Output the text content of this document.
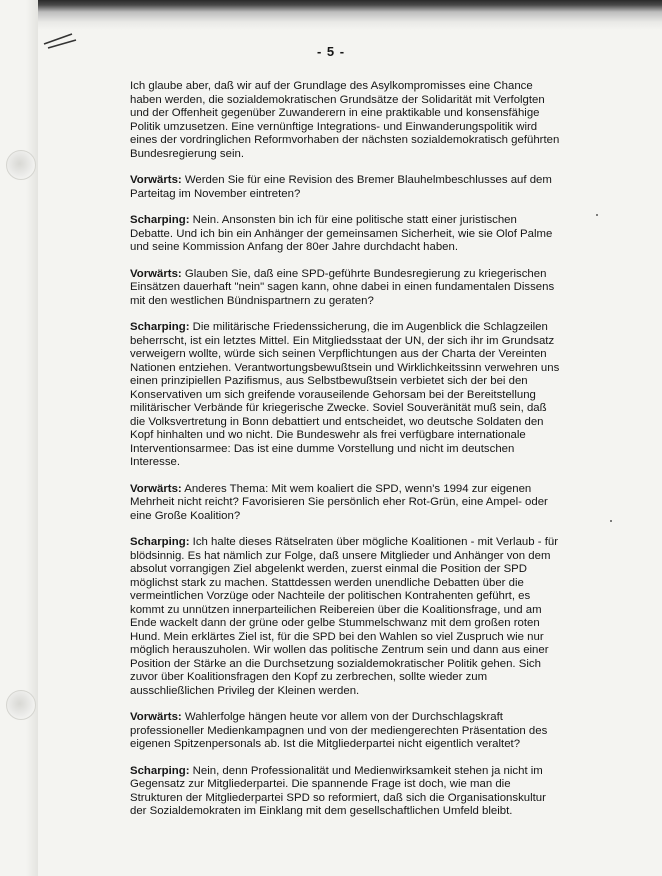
- 5 -

Ich glaube aber, daß wir auf der Grundlage des Asylkompromisses eine Chance haben werden, die sozialdemokratischen Grundsätze der Solidarität mit Verfolgten und der Offenheit gegenüber Zuwanderern in eine praktikable und konsensfähige Politik umzusetzen. Eine vernünftige Integrations- und Einwanderungspolitik wird eines der vordringlichen Reformvorhaben der nächsten sozialdemokratisch geführten Bundesregierung sein.

Vorwärts: Werden Sie für eine Revision des Bremer Blauhelmbeschlusses auf dem Parteitag im November eintreten?

Scharping: Nein. Ansonsten bin ich für eine politische statt einer juristischen Debatte. Und ich bin ein Anhänger der gemeinsamen Sicherheit, wie sie Olof Palme und seine Kommission Anfang der 80er Jahre durchdacht haben.

Vorwärts: Glauben Sie, daß eine SPD-geführte Bundesregierung zu kriegerischen Einsätzen dauerhaft "nein" sagen kann, ohne dabei in einen fundamentalen Dissens mit den westlichen Bündnispartnern zu geraten?

Scharping: Die militärische Friedenssicherung, die im Augenblick die Schlagzeilen beherrscht, ist ein letztes Mittel. Ein Mitgliedsstaat der UN, der sich ihr im Grundsatz verweigern wollte, würde sich seinen Verpflichtungen aus der Charta der Vereinten Nationen entziehen. Verantwortungsbewußtsein und Wirklichkeitssinn verwehren uns einen prinzipiellen Pazifismus, aus Selbstbewußtsein verbietet sich der bei den Konservativen um sich greifende vorauseilende Gehorsam bei der Bereitstellung militärischer Verbände für kriegerische Zwecke. Soviel Souveränität muß sein, daß die Volksvertretung in Bonn debattiert und entscheidet, wo deutsche Soldaten den Kopf hinhalten und wo nicht. Die Bundeswehr als frei verfügbare internationale Interventionsarmee: Das ist eine dumme Vorstellung und nicht im deutschen Interesse.

Vorwärts: Anderes Thema: Mit wem koaliert die SPD, wenn's 1994 zur eigenen Mehrheit nicht reicht? Favorisieren Sie persönlich eher Rot-Grün, eine Ampel- oder eine Große Koalition?

Scharping: Ich halte dieses Rätselraten über mögliche Koalitionen - mit Verlaub - für blödsinnig. Es hat nämlich zur Folge, daß unsere Mitglieder und Anhänger von dem absolut vorrangigen Ziel abgelenkt werden, zuerst einmal die Position der SPD möglichst stark zu machen. Stattdessen werden unendliche Debatten über die vermeintlichen Vorzüge oder Nachteile der politischen Kontrahenten geführt, es kommt zu unnützen innerparteilichen Reibereien über die Koalitionsfrage, und am Ende wackelt dann der grüne oder gelbe Stummelschwanz mit dem großen roten Hund. Mein erklärtes Ziel ist, für die SPD bei den Wahlen so viel Zuspruch wie nur möglich herauszuholen. Wir wollen das politische Zentrum sein und dann aus einer Position der Stärke an die Durchsetzung sozialdemokratischer Politik gehen. Sich zuvor über Koalitionsfragen den Kopf zu zerbrechen, sollte wieder zum ausschließlichen Privileg der Kleinen werden.

Vorwärts: Wahlerfolge hängen heute vor allem von der Durchschlagskraft professioneller Medienkampagnen und von der mediengerechten Präsentation des eigenen Spitzenpersonals ab. Ist die Mitgliederpartei nicht eigentlich veraltet?

Scharping: Nein, denn Professionalität und Medienwirksamkeit stehen ja nicht im Gegensatz zur Mitgliederpartei. Die spannende Frage ist doch, wie man die Strukturen der Mitgliederpartei SPD so reformiert, daß sich die Organisationskultur der Sozialdemokraten im Einklang mit dem gesellschaftlichen Umfeld bleibt.
